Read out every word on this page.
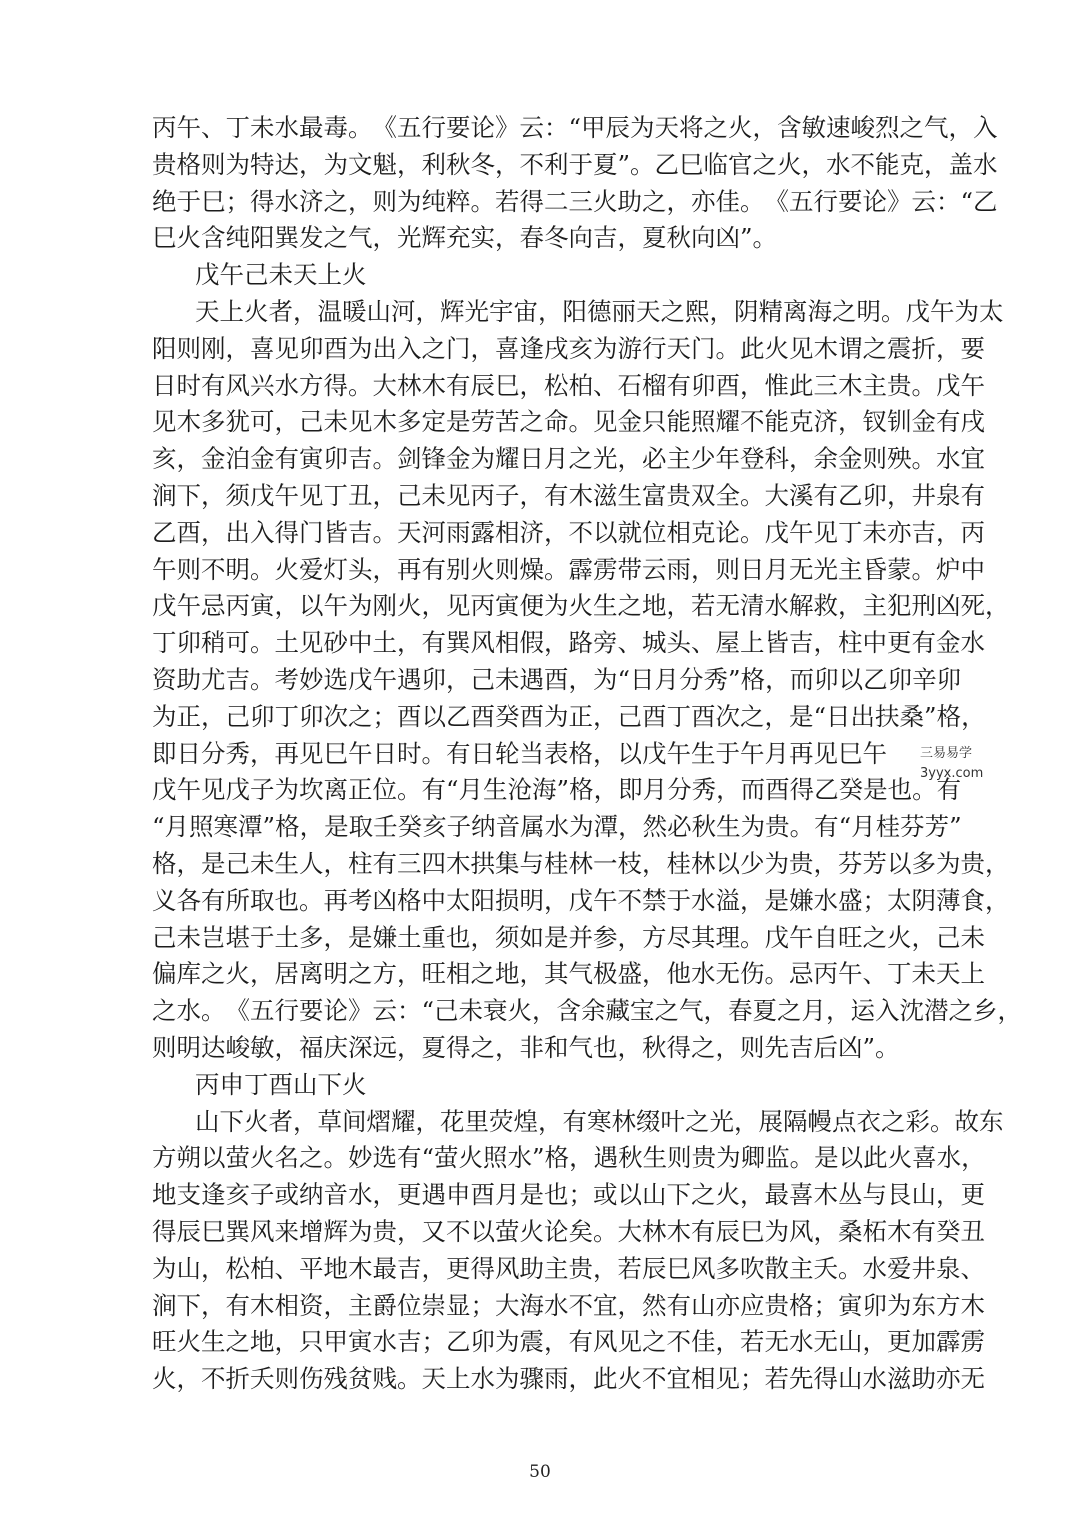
丙 午 、 丁 未 水 最 毒 。 《 五 行 要 论 》 云 ： “ 甲 辰 为 天 将 之 火 ， 含 敏 速 峻 烈 之 气 ， 入
贵 格 则 为 特 达 ， 为 文 魁 ， 利 秋 冬 ， 不 利 于 夏 ” 。 乙 巳 临 官 之 火 ， 水 不 能 克 ， 盖 水
绝 于 巳 ； 得 水 济 之 ， 则 为 纯 粹 。 若 得 二 三 火 助 之 ， 亦 佳 。 《 五 行 要 论 》 云 ： “ 乙
巳火含纯阳巽发之气，光辉充实，春冬向吉，夏秋向凶”。
戊午己未天上火
天 上 火 者 ， 温 暖 山 河 ， 辉 光 宇 宙 ， 阳 德 丽 天 之 熙 ， 阴 精 离 海 之 明 。 戊 午 为 太
阳 则 刚 ， 喜 见 卯 酉 为 出 入 之 门 ， 喜 逢 戌 亥 为 游 行 天 门 。 此 火 见 木 谓 之 震 折 ， 要
日 时 有 风 兴 水 方 得 。 大 林 木 有 辰 巳 ， 松 柏 、 石 榴 有 卯 酉 ， 惟 此 三 木 主 贵 。 戊 午
见 木 多 犹 可 ， 己 未 见 木 多 定 是 劳 苦 之 命 。 见 金 只 能 照 耀 不 能 克 济 ， 钗 钏 金 有 戌
亥 ， 金 泊 金 有 寅 卯 吉 。 剑 锋 金 为 耀 日 月 之 光 ， 必 主 少 年 登 科 ， 余 金 则 殃 。 水 宜
涧 下 ， 须 戊 午 见 丁 丑 ， 己 未 见 丙 子 ， 有 木 滋 生 富 贵 双 全 。 大 溪 有 乙 卯 ， 井 泉 有
乙 酉 ， 出 入 得 门 皆 吉 。 天 河 雨 露 相 济 ， 不 以 就 位 相 克 论 。 戊 午 见 丁 未 亦 吉 ， 丙
午 则 不 明 。 火 爱 灯 头 ， 再 有 别 火 则 燥 。 霹 雳 带 云 雨 ， 则 日 月 无 光 主 昏 蒙 。 炉 中
戊 午 忌 丙 寅 ， 以 午 为 刚 火 ， 见 丙 寅 便 为 火 生 之 地 ， 若 无 清 水 解 救 ， 主 犯 刑 凶 死 ，
丁 卯 稍 可 。 土 见 砂 中 土 ， 有 巽 风 相 假 ， 路 旁 、 城 头 、 屋 上 皆 吉 ， 柱 中 更 有 金 水
资 助 尤 吉 。 考 妙 选 戊 午 遇 卯 ， 己 未 遇 酉 ， 为 “ 日 月 分 秀 ” 格 ， 而 卯 以 乙 卯 辛 卯
为 正 ， 己 卯 丁 卯 次 之 ； 酉 以 乙 酉 癸 酉 为 正 ， 己 酉 丁 酉 次 之 ， 是 “ 日 出 扶 桑 ” 格 ，
即 日 分 秀 ， 再 见 巳 午 日 时 。 有 日 轮 当 表 格 ， 以 戊 午 生 于 午 月 再 见 巳 午
戊 午 见 戊 子 为 坎 离 正 位 。 有 “ 月 生 沧 海 ” 格 ， 即 月 分 秀 ， 而 酉 得 乙 癸 是 也 。 有
“ 月 照 寒 潭 ” 格 ， 是 取 壬 癸 亥 子 纳 音 属 水 为 潭 ， 然 必 秋 生 为 贵 。 有 “ 月 桂 芬 芳 ”
格 ， 是 己 未 生 人 ， 柱 有 三 四 木 拱 集 与 桂 林 一 枝 ， 桂 林 以 少 为 贵 ， 芬 芳 以 多 为 贵 ，
义 各 有 所 取 也 。 再 考 凶 格 中 太 阳 损 明 ， 戊 午 不 禁 于 水 溢 ， 是 嫌 水 盛 ； 太 阴 薄 食 ，
己 未 岂 堪 于 土 多 ， 是 嫌 土 重 也 ， 须 如 是 并 参 ， 方 尽 其 理 。 戊 午 自 旺 之 火 ， 己 未
偏 库 之 火 ， 居 离 明 之 方 ， 旺 相 之 地 ， 其 气 极 盛 ， 他 水 无 伤 。 忌 丙 午 、 丁 未 天 上
之 水 。 《 五 行 要 论 》 云 ： “ 己 未 衰 火 ， 含 余 藏 宝 之 气 ， 春 夏 之 月 ， 运 入 沈 潜 之 乡 ，
则明达峻敏，福庆深远，夏得之，非和气也，秋得之，则先吉后凶”。
丙申丁酉山下火
山 下 火 者 ， 草 间 熠 耀 ， 花 里 荧 煌 ， 有 寒 林 缀 叶 之 光 ， 展 隔 幔 点 衣 之 彩 。 故 东
方 朔 以 萤 火 名 之 。 妙 选 有 “ 萤 火 照 水 ” 格 ， 遇 秋 生 则 贵 为 卿 监 。 是 以 此 火 喜 水 ，
地 支 逢 亥 子 或 纳 音 水 ， 更 遇 申 酉 月 是 也 ； 或 以 山 下 之 火 ， 最 喜 木 丛 与 艮 山 ， 更
得 辰 巳 巽 风 来 增 辉 为 贵 ， 又 不 以 萤 火 论 矣 。 大 林 木 有 辰 巳 为 风 ， 桑 柘 木 有 癸 丑
为 山 ， 松 柏 、 平 地 木 最 吉 ， 更 得 风 助 主 贵 ， 若 辰 巳 风 多 吹 散 主 夭 。 水 爱 井 泉 、
涧 下 ， 有 木 相 资 ， 主 爵 位 崇 显 ； 大 海 水 不 宜 ， 然 有 山 亦 应 贵 格 ； 寅 卯 为 东 方 木
旺 火 生 之 地 ， 只 甲 寅 水 吉 ； 乙 卯 为 震 ， 有 风 见 之 不 佳 ， 若 无 水 无 山 ， 更 加 霹 雳
火 ， 不 折 夭 则 伤 残 贫 贱 。 天 上 水 为 骤 雨 ， 此 火 不 宜 相 见 ； 若 先 得 山 水 滋 助 亦 无
三易易学
3yyx.com
50
